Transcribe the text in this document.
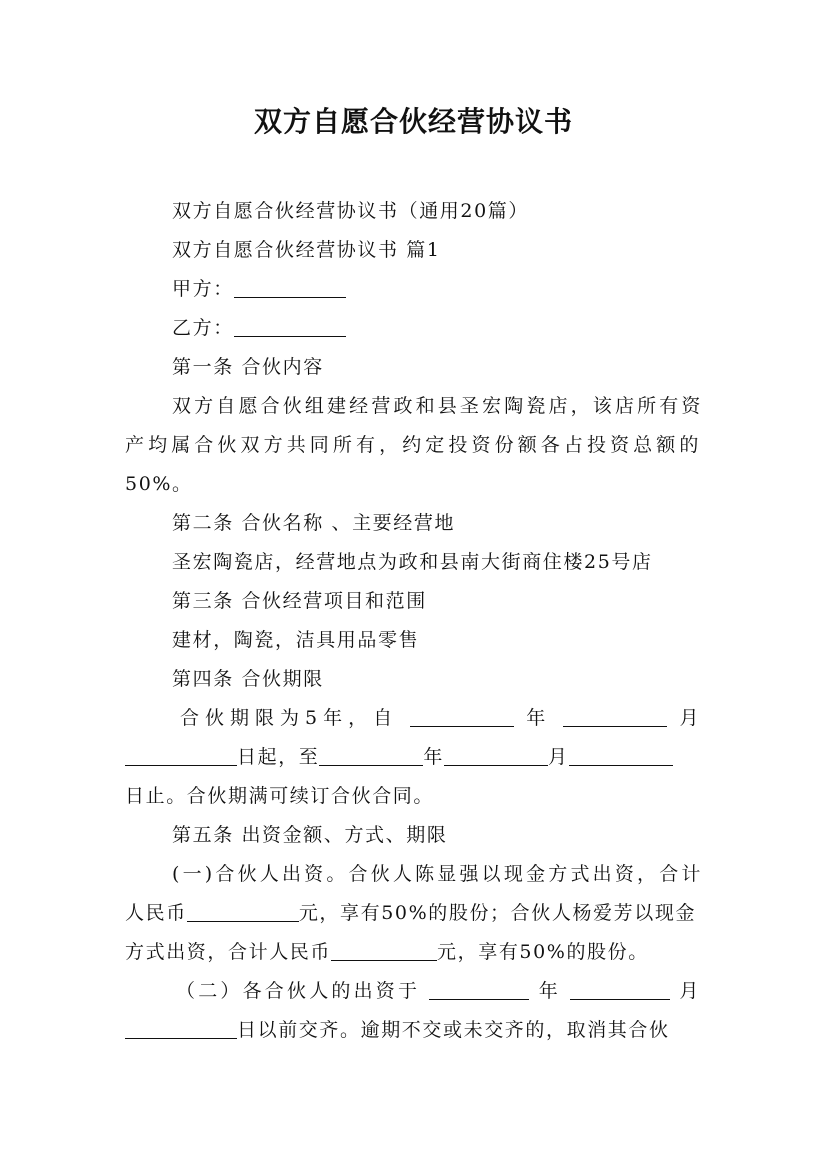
双方自愿合伙经营协议书
双方自愿合伙经营协议书（通用20篇）
双方自愿合伙经营协议书 篇1
甲方：
乙方：
第一条 合伙内容
双方自愿合伙组建经营政和县圣宏陶瓷店，该店所有资
产均属合伙双方共同所有，约定投资份额各占投资总额的
50%。
第二条 合伙名称 、主要经营地
圣宏陶瓷店，经营地点为政和县南大街商住楼25号店
第三条 合伙经营项目和范围
建材，陶瓷，洁具用品零售
第四条 合伙期限
合伙期限为5年，自	年	月
日起，至	年	月
日止。合伙期满可续订合伙合同。
第五条 出资金额、方式、期限
(一)合伙人出资。合伙人陈显强以现金方式出资，合计
人民币	元，享有50%的股份；合伙人杨爱芳以现金
方式出资，合计人民币	元，享有50%的股份。
（二）各合伙人的出资于	年	月
日以前交齐。逾期不交或未交齐的，取消其合伙
